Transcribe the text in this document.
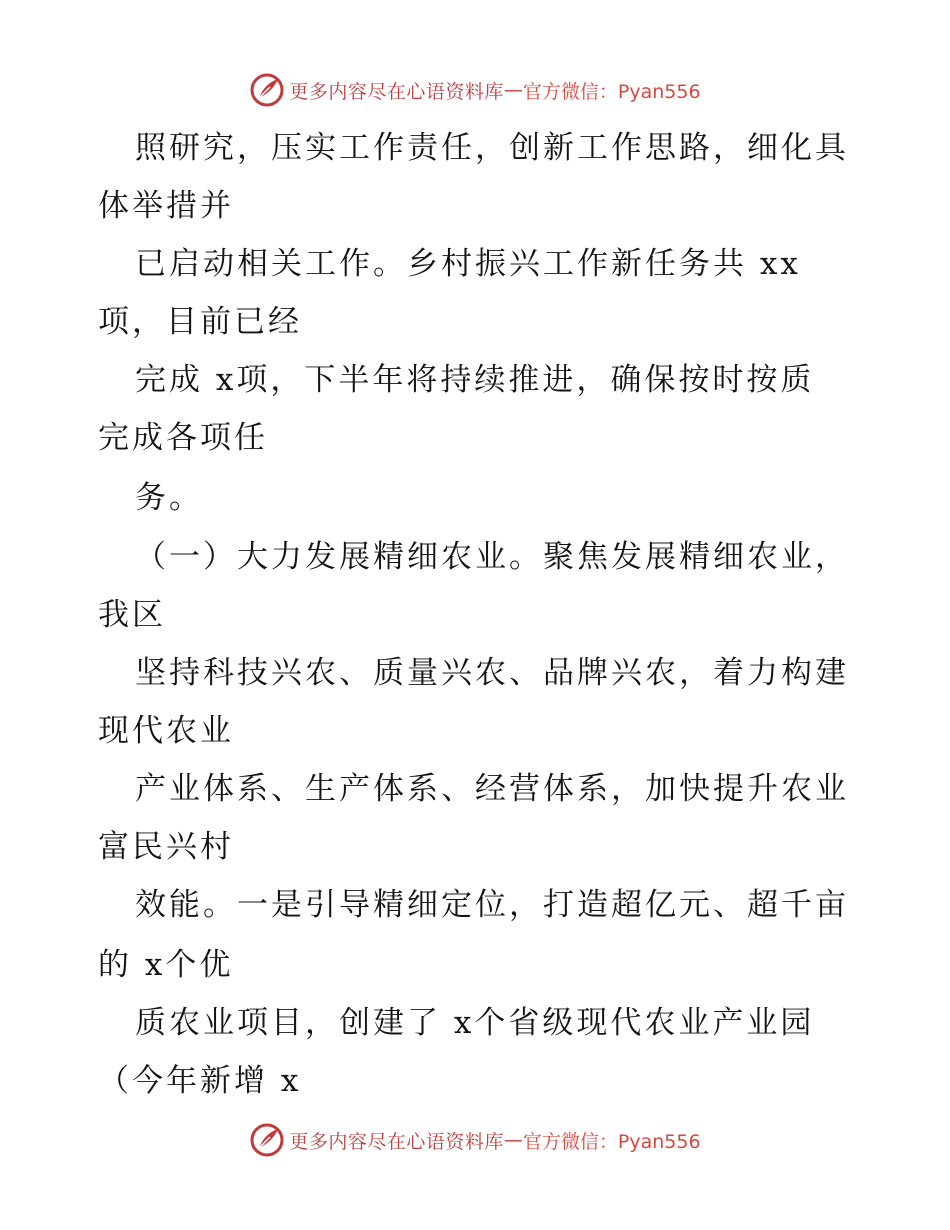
更多内容尽在心语资料库 — 官方微信：Pyan556
照研究，压实工作责任，创新工作思路，细化具
体举措并
已启动相关工作。乡村振兴工作新任务共 xx
项，目前已经
完成 x项，下半年将持续推进，确保按时按质
完成各项任
务。
（一）大力发展精细农业。聚焦发展精细农业，
我区
坚持科技兴农、质量兴农、品牌兴农，着力构建
现代农业
产业体系、生产体系、经营体系，加快提升农业
富民兴村
效能。一是引导精细定位，打造超亿元、超千亩
的 x个优
质农业项目，创建了 x个省级现代农业产业园
（今年新增 x
更多内容尽在心语资料库 — 官方微信：Pyan556
